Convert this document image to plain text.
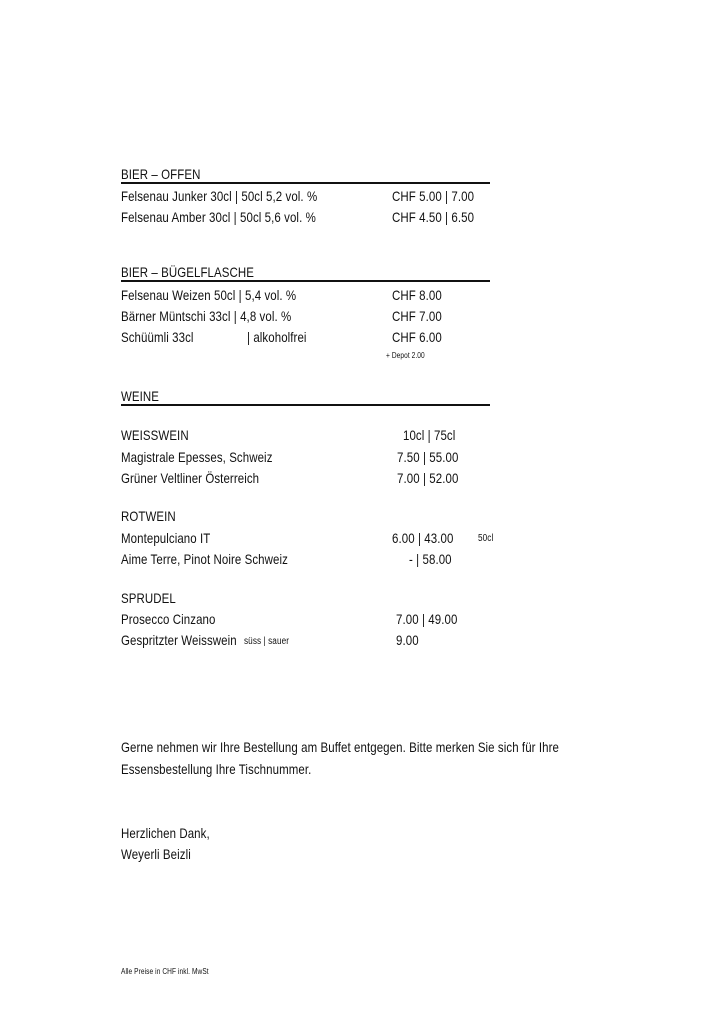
BIER – OFFEN
Felsenau Junker 30cl | 50cl 5,2 vol. %	CHF 5.00 | 7.00
Felsenau Amber 30cl | 50cl 5,6 vol. %	CHF 4.50 | 6.50
BIER – BÜGELFLASCHE
Felsenau Weizen 50cl | 5,4 vol. %	CHF 8.00
Bärner Müntschi 33cl | 4,8 vol. %	CHF 7.00
Schüümli 33cl	| alkoholfrei	CHF 6.00
+ Depot 2.00
WEINE
WEISSWEIN	10cl | 75cl
Magistrale Epesses, Schweiz	7.50 | 55.00
Grüner Veltliner Österreich	7.00 | 52.00
ROTWEIN
Montepulciano IT	6.00 | 43.00 50cl
Aime Terre, Pinot Noire Schweiz	- | 58.00
SPRUDEL
Prosecco Cinzano	7.00 | 49.00
Gespritzter Weisswein süss | sauer	9.00
Gerne nehmen wir Ihre Bestellung am Buffet entgegen. Bitte merken Sie sich für Ihre
Essensbestellung Ihre Tischnummer.
Herzlichen Dank,
Weyerli Beizli
Alle Preise in CHF inkl. MwSt
